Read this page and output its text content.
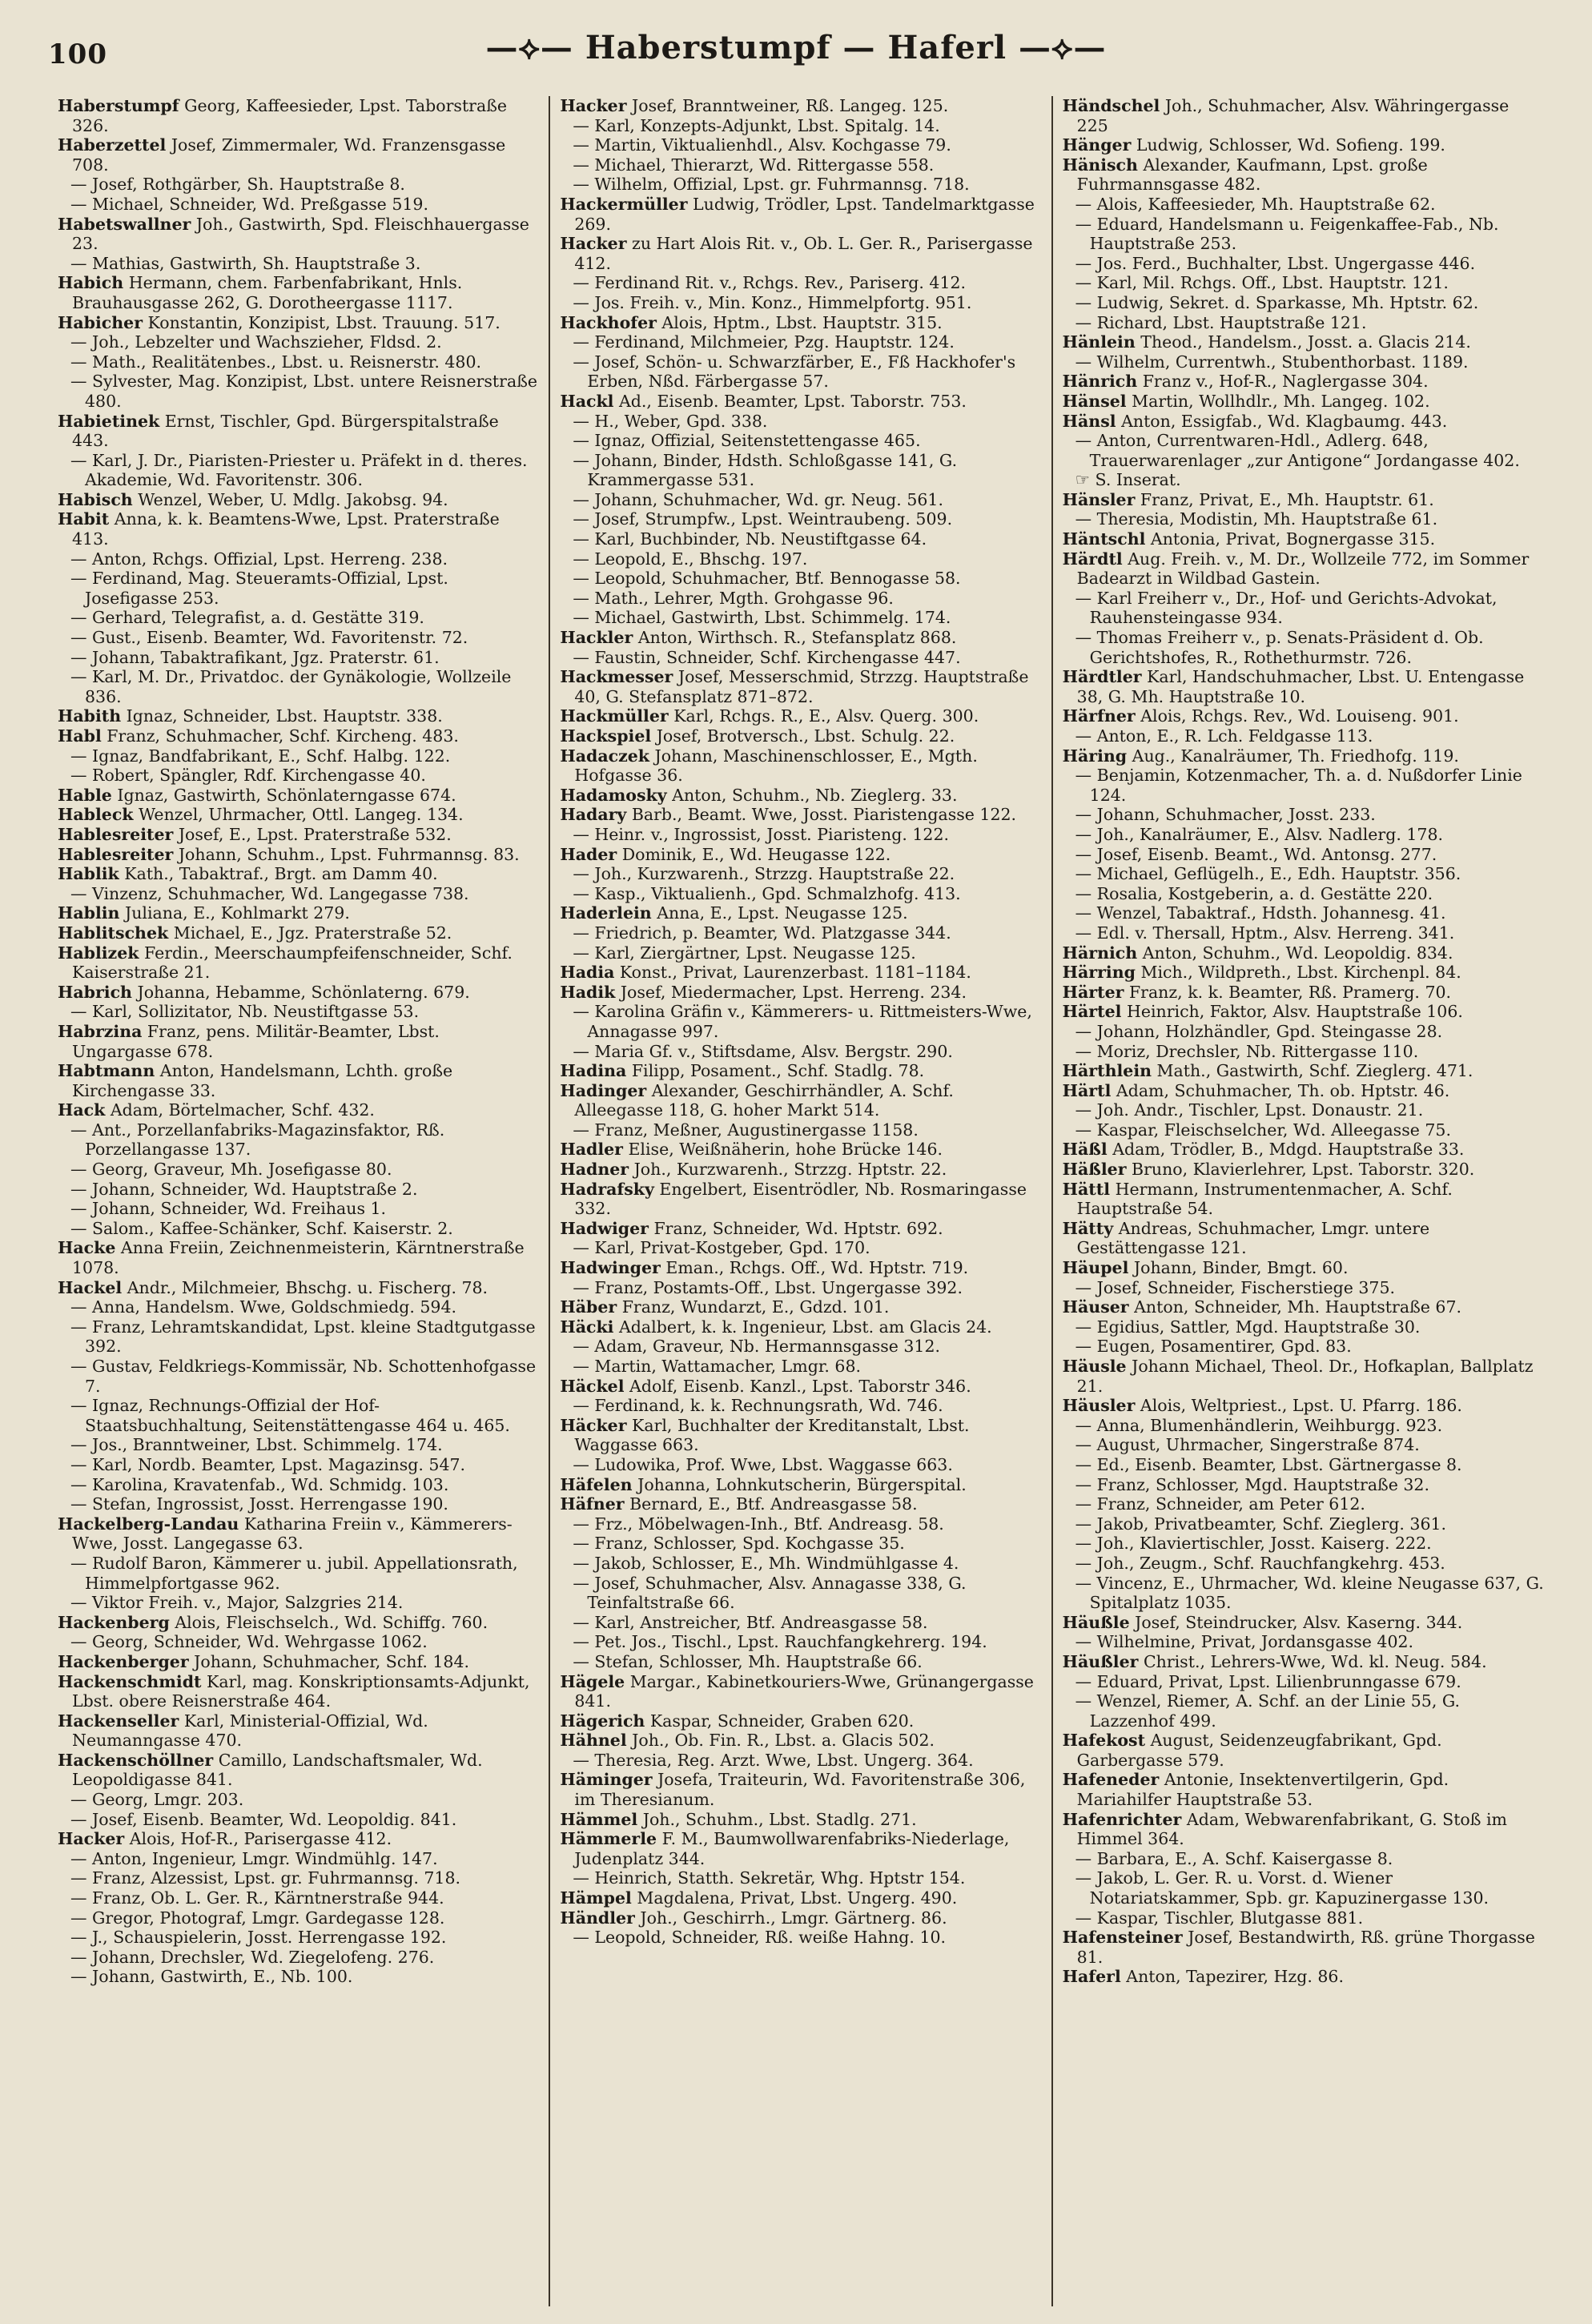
100	—⟡— Haberstumpf — Haferl —⟡—

Haberstumpf Georg, Kaffeesieder, Lpst. Taborstraße 326.

Haberzettel Josef, Zimmermaler, Wd. Franzensgasse 708.

— Josef, Rothgärber, Sh. Hauptstraße 8.

— Michael, Schneider, Wd. Preßgasse 519.

Habetswallner Joh., Gastwirth, Spd. Fleischhauergasse 23.

— Mathias, Gastwirth, Sh. Hauptstraße 3.

Habich Hermann, chem. Farbenfabrikant, Hnls. Brauhausgasse 262, G. Dorotheergasse 1117.

Habicher Konstantin, Konzipist, Lbst. Trauung. 517.

— Joh., Lebzelter und Wachszieher, Fldsd. 2.

— Math., Realitätenbes., Lbst. u. Reisnerstr. 480.

— Sylvester, Mag. Konzipist, Lbst. untere Reisnerstraße 480.

Habietinek Ernst, Tischler, Gpd. Bürgerspitalstraße 443.

— Karl, J. Dr., Piaristen-Priester u. Präfekt in d. theres. Akademie, Wd. Favoritenstr. 306.

Habisch Wenzel, Weber, U. Mdlg. Jakobsg. 94.

Habit Anna, k. k. Beamtens-Wwe, Lpst. Praterstraße 413.

— Anton, Rchgs. Offizial, Lpst. Herreng. 238.

— Ferdinand, Mag. Steueramts-Offizial, Lpst. Josefigasse 253.

— Gerhard, Telegrafist, a. d. Gestätte 319.

— Gust., Eisenb. Beamter, Wd. Favoritenstr. 72.

— Johann, Tabaktrafikant, Jgz. Praterstr. 61.

— Karl, M. Dr., Privatdoc. der Gynäkologie, Wollzeile 836.

Habith Ignaz, Schneider, Lbst. Hauptstr. 338.

Habl Franz, Schuhmacher, Schf. Kircheng. 483.

— Ignaz, Bandfabrikant, E., Schf. Halbg. 122.

— Robert, Spängler, Rdf. Kirchengasse 40.

Hable Ignaz, Gastwirth, Schönlaterngasse 674.

Hableck Wenzel, Uhrmacher, Ottl. Langeg. 134.

Hablesreiter Josef, E., Lpst. Praterstraße 532.

Hablesreiter Johann, Schuhm., Lpst. Fuhrmannsg. 83.

Hablik Kath., Tabaktraf., Brgt. am Damm 40.

— Vinzenz, Schuhmacher, Wd. Langegasse 738.

Hablin Juliana, E., Kohlmarkt 279.

Hablitschek Michael, E., Jgz. Praterstraße 52.

Hablizek Ferdin., Meerschaumpfeifenschneider, Schf. Kaiserstraße 21.

Habrich Johanna, Hebamme, Schönlaterng. 679.

— Karl, Sollizitator, Nb. Neustiftgasse 53.

Habrzina Franz, pens. Militär-Beamter, Lbst. Ungargasse 678.

Habtmann Anton, Handelsmann, Lchth. große Kirchengasse 33.

Hack Adam, Börtelmacher, Schf. 432.

— Ant., Porzellanfabriks-Magazinsfaktor, Rß. Porzellangasse 137.

— Georg, Graveur, Mh. Josefigasse 80.

— Johann, Schneider, Wd. Hauptstraße 2.

— Johann, Schneider, Wd. Freihaus 1.

— Salom., Kaffee-Schänker, Schf. Kaiserstr. 2.

Hacke Anna Freiin, Zeichnenmeisterin, Kärntnerstraße 1078.

Hackel Andr., Milchmeier, Bhschg. u. Fischerg. 78.

— Anna, Handelsm. Wwe, Goldschmiedg. 594.

— Franz, Lehramtskandidat, Lpst. kleine Stadtgutgasse 392.

— Gustav, Feldkriegs-Kommissär, Nb. Schottenhofgasse 7.

— Ignaz, Rechnungs-Offizial der Hof-Staatsbuchhaltung, Seitenstättengasse 464 u. 465.

— Jos., Branntweiner, Lbst. Schimmelg. 174.

— Karl, Nordb. Beamter, Lpst. Magazinsg. 547.

— Karolina, Kravatenfab., Wd. Schmidg. 103.

— Stefan, Ingrossist, Josst. Herrengasse 190.

Hackelberg-Landau Katharina Freiin v., Kämmerers-Wwe, Josst. Langegasse 63.

— Rudolf Baron, Kämmerer u. jubil. Appellationsrath, Himmelpfortgasse 962.

— Viktor Freih. v., Major, Salzgries 214.

Hackenberg Alois, Fleischselch., Wd. Schiffg. 760.

— Georg, Schneider, Wd. Wehrgasse 1062.

Hackenberger Johann, Schuhmacher, Schf. 184.

Hackenschmidt Karl, mag. Konskriptionsamts-Adjunkt, Lbst. obere Reisnerstraße 464.

Hackenseller Karl, Ministerial-Offizial, Wd. Neumanngasse 470.

Hackenschöllner Camillo, Landschaftsmaler, Wd. Leopoldigasse 841.

— Georg, Lmgr. 203.

— Josef, Eisenb. Beamter, Wd. Leopoldig. 841.

Hacker Alois, Hof-R., Parisergasse 412.

— Anton, Ingenieur, Lmgr. Windmühlg. 147.

— Franz, Alzessist, Lpst. gr. Fuhrmannsg. 718.

— Franz, Ob. L. Ger. R., Kärntnerstraße 944.

— Gregor, Photograf, Lmgr. Gardegasse 128.

— J., Schauspielerin, Josst. Herrengasse 192.

— Johann, Drechsler, Wd. Ziegelofeng. 276.

— Johann, Gastwirth, E., Nb. 100.

Hacker Josef, Branntweiner, Rß. Langeg. 125.

— Karl, Konzepts-Adjunkt, Lbst. Spitalg. 14.

— Martin, Viktualienhdl., Alsv. Kochgasse 79.

— Michael, Thierarzt, Wd. Rittergasse 558.

— Wilhelm, Offizial, Lpst. gr. Fuhrmannsg. 718.

Hackermüller Ludwig, Trödler, Lpst. Tandelmarktgasse 269.

Hacker zu Hart Alois Rit. v., Ob. L. Ger. R., Parisergasse 412.

— Ferdinand Rit. v., Rchgs. Rev., Pariserg. 412.

— Jos. Freih. v., Min. Konz., Himmelpfortg. 951.

Hackhofer Alois, Hptm., Lbst. Hauptstr. 315.

— Ferdinand, Milchmeier, Pzg. Hauptstr. 124.

— Josef, Schön- u. Schwarzfärber, E., Fß Hackhofer's Erben, Nßd. Färbergasse 57.

Hackl Ad., Eisenb. Beamter, Lpst. Taborstr. 753.

— H., Weber, Gpd. 338.

— Ignaz, Offizial, Seitenstettengasse 465.

— Johann, Binder, Hdsth. Schloßgasse 141, G. Krammergasse 531.

— Johann, Schuhmacher, Wd. gr. Neug. 561.

— Josef, Strumpfw., Lpst. Weintraubeng. 509.

— Karl, Buchbinder, Nb. Neustiftgasse 64.

— Leopold, E., Bhschg. 197.

— Leopold, Schuhmacher, Btf. Bennogasse 58.

— Math., Lehrer, Mgth. Grohgasse 96.

— Michael, Gastwirth, Lbst. Schimmelg. 174.

Hackler Anton, Wirthsch. R., Stefansplatz 868.

— Faustin, Schneider, Schf. Kirchengasse 447.

Hackmesser Josef, Messerschmid, Strzzg. Hauptstraße 40, G. Stefansplatz 871–872.

Hackmüller Karl, Rchgs. R., E., Alsv. Querg. 300.

Hackspiel Josef, Brotversch., Lbst. Schulg. 22.

Hadaczek Johann, Maschinenschlosser, E., Mgth. Hofgasse 36.

Hadamosky Anton, Schuhm., Nb. Zieglerg. 33.

Hadary Barb., Beamt. Wwe, Josst. Piaristengasse 122.

— Heinr. v., Ingrossist, Josst. Piaristeng. 122.

Hader Dominik, E., Wd. Heugasse 122.

— Joh., Kurzwarenh., Strzzg. Hauptstraße 22.

— Kasp., Viktualienh., Gpd. Schmalzhofg. 413.

Haderlein Anna, E., Lpst. Neugasse 125.

— Friedrich, p. Beamter, Wd. Platzgasse 344.

— Karl, Ziergärtner, Lpst. Neugasse 125.

Hadia Konst., Privat, Laurenzerbast. 1181–1184.

Hadik Josef, Miedermacher, Lpst. Herreng. 234.

— Karolina Gräfin v., Kämmerers- u. Rittmeisters-Wwe, Annagasse 997.

— Maria Gf. v., Stiftsdame, Alsv. Bergstr. 290.

Hadina Filipp, Posament., Schf. Stadlg. 78.

Hadinger Alexander, Geschirrhändler, A. Schf. Alleegasse 118, G. hoher Markt 514.

— Franz, Meßner, Augustinergasse 1158.

Hadler Elise, Weißnäherin, hohe Brücke 146.

Hadner Joh., Kurzwarenh., Strzzg. Hptstr. 22.

Hadrafsky Engelbert, Eisentrödler, Nb. Rosmaringasse 332.

Hadwiger Franz, Schneider, Wd. Hptstr. 692.

— Karl, Privat-Kostgeber, Gpd. 170.

Hadwinger Eman., Rchgs. Off., Wd. Hptstr. 719.

— Franz, Postamts-Off., Lbst. Ungergasse 392.

Häber Franz, Wundarzt, E., Gdzd. 101.

Häcki Adalbert, k. k. Ingenieur, Lbst. am Glacis 24.

— Adam, Graveur, Nb. Hermannsgasse 312.

— Martin, Wattamacher, Lmgr. 68.

Häckel Adolf, Eisenb. Kanzl., Lpst. Taborstr 346.

— Ferdinand, k. k. Rechnungsrath, Wd. 746.

Häcker Karl, Buchhalter der Kreditanstalt, Lbst. Waggasse 663.

— Ludowika, Prof. Wwe, Lbst. Waggasse 663.

Häfelen Johanna, Lohnkutscherin, Bürgerspital.

Häfner Bernard, E., Btf. Andreasgasse 58.

— Frz., Möbelwagen-Inh., Btf. Andreasg. 58.

— Franz, Schlosser, Spd. Kochgasse 35.

— Jakob, Schlosser, E., Mh. Windmühlgasse 4.

— Josef, Schuhmacher, Alsv. Annagasse 338, G. Teinfaltstraße 66.

— Karl, Anstreicher, Btf. Andreasgasse 58.

— Pet. Jos., Tischl., Lpst. Rauchfangkehrerg. 194.

— Stefan, Schlosser, Mh. Hauptstraße 66.

Hägele Margar., Kabinetkouriers-Wwe, Grünangergasse 841.

Hägerich Kaspar, Schneider, Graben 620.

Hähnel Joh., Ob. Fin. R., Lbst. a. Glacis 502.

— Theresia, Reg. Arzt. Wwe, Lbst. Ungerg. 364.

Häminger Josefa, Traiteurin, Wd. Favoritenstraße 306, im Theresianum.

Hämmel Joh., Schuhm., Lbst. Stadlg. 271.

Hämmerle F. M., Baumwollwarenfabriks-Niederlage, Judenplatz 344.

— Heinrich, Statth. Sekretär, Whg. Hptstr 154.

Hämpel Magdalena, Privat, Lbst. Ungerg. 490.

Händler Joh., Geschirrh., Lmgr. Gärtnerg. 86.

— Leopold, Schneider, Rß. weiße Hahng. 10.

Händschel Joh., Schuhmacher, Alsv. Währingergasse 225

Hänger Ludwig, Schlosser, Wd. Sofieng. 199.

Hänisch Alexander, Kaufmann, Lpst. große Fuhrmannsgasse 482.

— Alois, Kaffeesieder, Mh. Hauptstraße 62.

— Eduard, Handelsmann u. Feigenkaffee-Fab., Nb. Hauptstraße 253.

— Jos. Ferd., Buchhalter, Lbst. Ungergasse 446.

— Karl, Mil. Rchgs. Off., Lbst. Hauptstr. 121.

— Ludwig, Sekret. d. Sparkasse, Mh. Hptstr. 62.

— Richard, Lbst. Hauptstraße 121.

Hänlein Theod., Handelsm., Josst. a. Glacis 214.

— Wilhelm, Currentwh., Stubenthorbast. 1189.

Hänrich Franz v., Hof-R., Naglergasse 304.

Hänsel Martin, Wollhdlr., Mh. Langeg. 102.

Hänsl Anton, Essigfab., Wd. Klagbaumg. 443.

— Anton, Currentwaren-Hdl., Adlerg. 648, Trauerwarenlager „zur Antigone“ Jordangasse 402.

☞ S. Inserat.

Hänsler Franz, Privat, E., Mh. Hauptstr. 61.

— Theresia, Modistin, Mh. Hauptstraße 61.

Häntschl Antonia, Privat, Bognergasse 315.

Härdtl Aug. Freih. v., M. Dr., Wollzeile 772, im Sommer Badearzt in Wildbad Gastein.

— Karl Freiherr v., Dr., Hof- und Gerichts-Advokat, Rauhensteingasse 934.

— Thomas Freiherr v., p. Senats-Präsident d. Ob. Gerichtshofes, R., Rothethurmstr. 726.

Härdtler Karl, Handschuhmacher, Lbst. U. Entengasse 38, G. Mh. Hauptstraße 10.

Härfner Alois, Rchgs. Rev., Wd. Louiseng. 901.

— Anton, E., R. Lch. Feldgasse 113.

Häring Aug., Kanalräumer, Th. Friedhofg. 119.

— Benjamin, Kotzenmacher, Th. a. d. Nußdorfer Linie 124.

— Johann, Schuhmacher, Josst. 233.

— Joh., Kanalräumer, E., Alsv. Nadlerg. 178.

— Josef, Eisenb. Beamt., Wd. Antonsg. 277.

— Michael, Geflügelh., E., Edh. Hauptstr. 356.

— Rosalia, Kostgeberin, a. d. Gestätte 220.

— Wenzel, Tabaktraf., Hdsth. Johannesg. 41.

— Edl. v. Thersall, Hptm., Alsv. Herreng. 341.

Härnich Anton, Schuhm., Wd. Leopoldig. 834.

Härring Mich., Wildpreth., Lbst. Kirchenpl. 84.

Härter Franz, k. k. Beamter, Rß. Pramerg. 70.

Härtel Heinrich, Faktor, Alsv. Hauptstraße 106.

— Johann, Holzhändler, Gpd. Steingasse 28.

— Moriz, Drechsler, Nb. Rittergasse 110.

Härthlein Math., Gastwirth, Schf. Zieglerg. 471.

Härtl Adam, Schuhmacher, Th. ob. Hptstr. 46.

— Joh. Andr., Tischler, Lpst. Donaustr. 21.

— Kaspar, Fleischselcher, Wd. Alleegasse 75.

Häßl Adam, Trödler, B., Mdgd. Hauptstraße 33.

Häßler Bruno, Klavierlehrer, Lpst. Taborstr. 320.

Hättl Hermann, Instrumentenmacher, A. Schf. Hauptstraße 54.

Hätty Andreas, Schuhmacher, Lmgr. untere Gestättengasse 121.

Häupel Johann, Binder, Bmgt. 60.

— Josef, Schneider, Fischerstiege 375.

Häuser Anton, Schneider, Mh. Hauptstraße 67.

— Egidius, Sattler, Mgd. Hauptstraße 30.

— Eugen, Posamentirer, Gpd. 83.

Häusle Johann Michael, Theol. Dr., Hofkaplan, Ballplatz 21.

Häusler Alois, Weltpriest., Lpst. U. Pfarrg. 186.

— Anna, Blumenhändlerin, Weihburgg. 923.

— August, Uhrmacher, Singerstraße 874.

— Ed., Eisenb. Beamter, Lbst. Gärtnergasse 8.

— Franz, Schlosser, Mgd. Hauptstraße 32.

— Franz, Schneider, am Peter 612.

— Jakob, Privatbeamter, Schf. Zieglerg. 361.

— Joh., Klaviertischler, Josst. Kaiserg. 222.

— Joh., Zeugm., Schf. Rauchfangkehrg. 453.

— Vincenz, E., Uhrmacher, Wd. kleine Neugasse 637, G. Spitalplatz 1035.

Häußle Josef, Steindrucker, Alsv. Kaserng. 344.

— Wilhelmine, Privat, Jordansgasse 402.

Häußler Christ., Lehrers-Wwe, Wd. kl. Neug. 584.

— Eduard, Privat, Lpst. Lilienbrunngasse 679.

— Wenzel, Riemer, A. Schf. an der Linie 55, G. Lazzenhof 499.

Hafekost August, Seidenzeugfabrikant, Gpd. Garbergasse 579.

Hafeneder Antonie, Insektenvertilgerin, Gpd. Mariahilfer Hauptstraße 53.

Hafenrichter Adam, Webwarenfabrikant, G. Stoß im Himmel 364.

— Barbara, E., A. Schf. Kaisergasse 8.

— Jakob, L. Ger. R. u. Vorst. d. Wiener Notariatskammer, Spb. gr. Kapuzinergasse 130.

— Kaspar, Tischler, Blutgasse 881.

Hafensteiner Josef, Bestandwirth, Rß. grüne Thorgasse 81.

Haferl Anton, Tapezirer, Hzg. 86.
